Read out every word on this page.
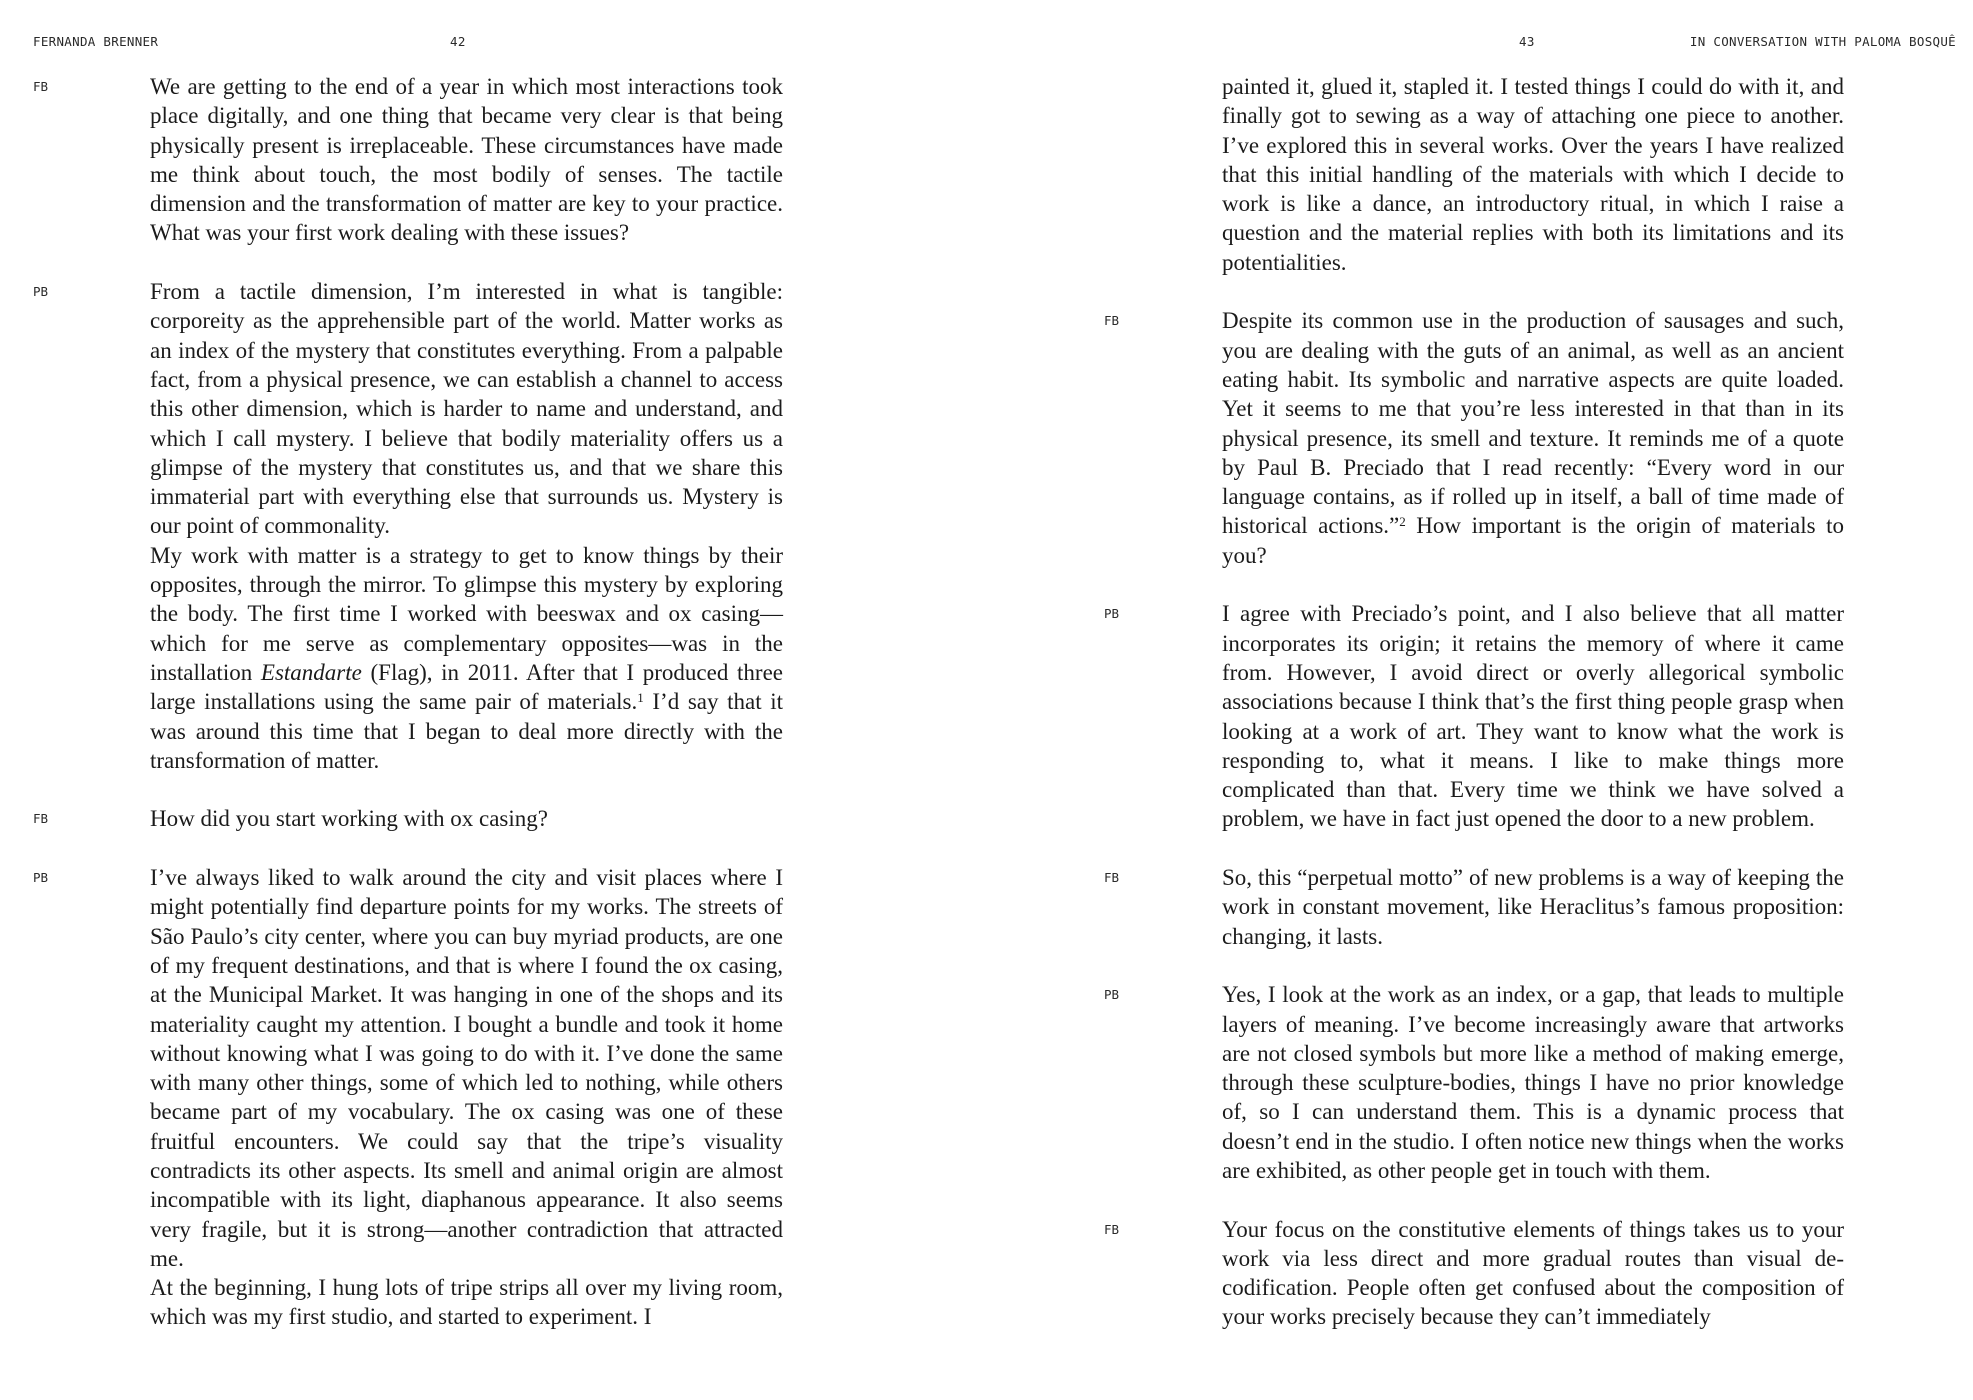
FERNANDA BRENNER	42
FB	We are getting to the end of a year in which most interactions took place digitally, and one thing that became very clear is that being physically present is irreplaceable. These circumstances have made me think about touch, the most bodily of senses. The tactile dimension and the transformation of matter are key to your practice. What was your first work dealing with these issues?

PB	From a tactile dimension, I’m interested in what is tangible: corporeity as the apprehensible part of the world. Matter works as an index of the mystery that constitutes everything. From a palpable fact, from a physical presence, we can establish a channel to access this other dimension, which is harder to name and understand, and which I call mystery. I believe that bodily materiality offers us a glimpse of the mystery that constitutes us, and that we share this immaterial part with everything else that surrounds us. Mystery is our point of commonality.

My work with matter is a strategy to get to know things by their opposites, through the mirror. To glimpse this mystery by exploring the body. The first time I worked with beeswax and ox casing—which for me serve as complementary opposites—was in the installation Estandarte (Flag), in 2011. After that I produced three large installations using the same pair of materials.$^1$ I’d say that it was around this time that I began to deal more directly with the transformation of matter.

FB	How did you start working with ox casing?

PB	I’ve always liked to walk around the city and visit places where I might potentially find departure points for my works. The streets of São Paulo’s city center, where you can buy myriad products, are one of my frequent destinations, and that is where I found the ox casing, at the Municipal Market. It was hanging in one of the shops and its materiality caught my attention. I bought a bundle and took it home without knowing what I was going to do with it. I’ve done the same with many other things, some of which led to nothing, while others became part of my vocabulary. The ox casing was one of these fruitful encounters. We could say that the tripe’s visuality contradicts its other aspects. Its smell and animal origin are almost incompatible with its light, diaphanous appearance. It also seems very fragile, but it is strong—another contradiction that attracted me.

At the beginning, I hung lots of tripe strips all over my living room, which was my first studio, and started to experiment. I

43	IN CONVERSATION WITH PALOMA BOSQUÊ

painted it, glued it, stapled it. I tested things I could do with it, and finally got to sewing as a way of attaching one piece to another. I’ve explored this in several works. Over the years I have realized that this initial handling of the materials with which I decide to work is like a dance, an introductory ritual, in which I raise a question and the material replies with both its limitations and its potentialities.

FB	Despite its common use in the production of sausages and such, you are dealing with the guts of an animal, as well as an ancient eating habit. Its symbolic and narrative aspects are quite loaded. Yet it seems to me that you’re less interested in that than in its physical presence, its smell and texture. It reminds me of a quote by Paul B. Preciado that I read recently: “Every word in our language contains, as if rolled up in itself, a ball of time made of historical actions.”$^2$ How important is the origin of materials to you?

PB	I agree with Preciado’s point, and I also believe that all matter incorporates its origin; it retains the memory of where it came from. However, I avoid direct or overly allegorical symbolic associations because I think that’s the first thing people grasp when looking at a work of art. They want to know what the work is responding to, what it means. I like to make things more complicated than that. Every time we think we have solved a problem, we have in fact just opened the door to a new problem.

FB	So, this “perpetual motto” of new problems is a way of keeping the work in constant movement, like Heraclitus’s famous proposition: changing, it lasts.

PB	Yes, I look at the work as an index, or a gap, that leads to multiple layers of meaning. I’ve become increasingly aware that artworks are not closed symbols but more like a method of making emerge, through these sculpture-bodies, things I have no prior knowledge of, so I can understand them. This is a dynamic process that doesn’t end in the studio. I often notice new things when the works are exhibited, as other people get in touch with them.

FB	Your focus on the constitutive elements of things takes us to your work via less direct and more gradual routes than visual de-codification. People often get confused about the composition of your works precisely because they can’t immediately
